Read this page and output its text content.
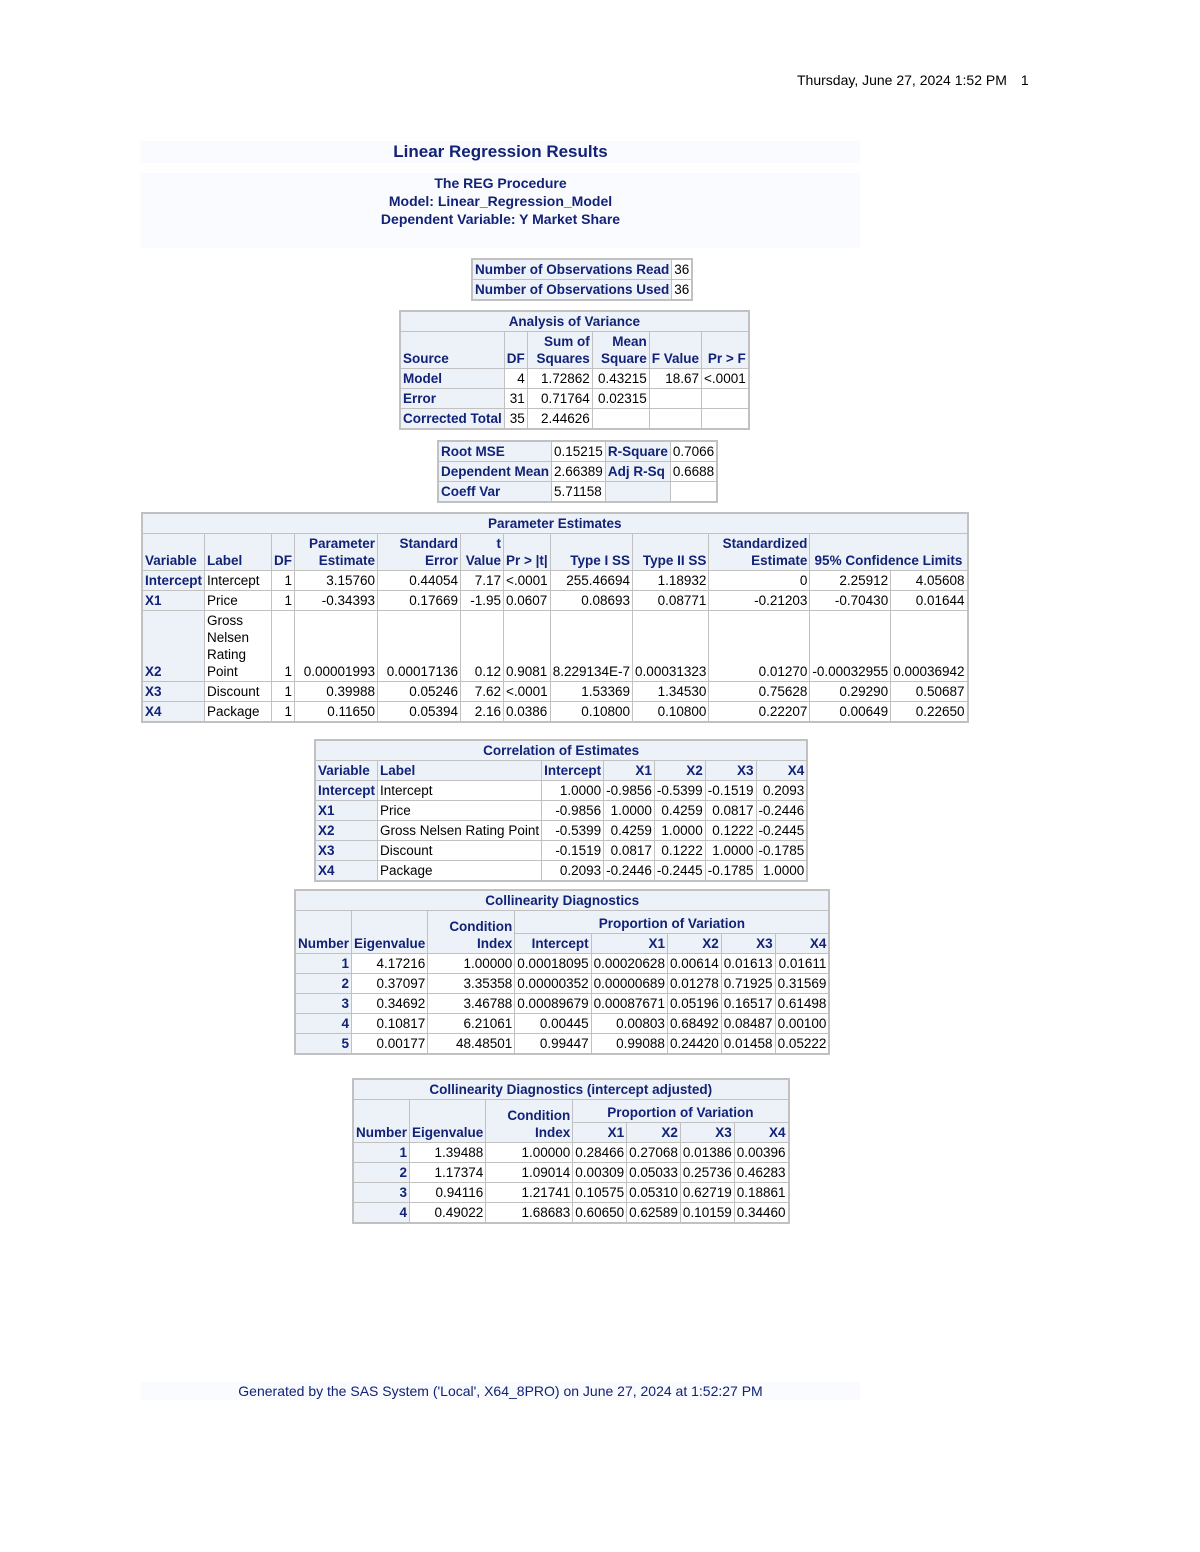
Thursday, June 27, 2024 1:52 PM 1
Linear Regression Results
The REG Procedure
Model: Linear_Regression_Model
Dependent Variable: Y Market Share
Number of Observations Read	36
Number of Observations Used	36
Analysis of Variance					
Source	DF	Sum of Squares	Mean Square	F Value	Pr > F
Model	4	1.72862	0.43215	18.67	<.0001
Error	31	0.71764	0.02315		
Corrected Total	35	2.44626			
Root MSE	0.15215	R-Square	0.7066
Dependent Mean	2.66389	Adj R-Sq	0.6688
Coeff Var	5.71158		
Parameter Estimates											
Variable	Label	DF	Parameter Estimate	Standard Error	t Value	Pr > |t|	Type I SS	Type II SS	Standardized Estimate	95% Confidence Limits	
Intercept	Intercept	1	3.15760	0.44054	7.17	<.0001	255.46694	1.18932	0	2.25912	4.05608
X1	Price	1	-0.34393	0.17669	-1.95	0.0607	0.08693	0.08771	-0.21203	-0.70430	0.01644
X2	Gross Nelsen Rating Point	1	0.00001993	0.00017136	0.12	0.9081	8.229134E-7	0.00031323	0.01270	-0.00032955	0.00036942
X3	Discount	1	0.39988	0.05246	7.62	<.0001	1.53369	1.34530	0.75628	0.29290	0.50687
X4	Package	1	0.11650	0.05394	2.16	0.0386	0.10800	0.10800	0.22207	0.00649	0.22650
Correlation of Estimates						
Variable	Label	Intercept	X1	X2	X3	X4
Intercept	Intercept	1.0000	-0.9856	-0.5399	-0.1519	0.2093
X1	Price	-0.9856	1.0000	0.4259	0.0817	-0.2446
X2	Gross Nelsen Rating Point	-0.5399	0.4259	1.0000	0.1222	-0.2445
X3	Discount	-0.1519	0.0817	0.1222	1.0000	-0.1785
X4	Package	0.2093	-0.2446	-0.2445	-0.1785	1.0000
Collinearity Diagnostics							
Number	Eigenvalue	Condition Index	Proportion of Variation				
			Intercept	X1	X2	X3	X4
1	4.17216	1.00000	0.00018095	0.00020628	0.00614	0.01613	0.01611
2	0.37097	3.35358	0.00000352	0.00000689	0.01278	0.71925	0.31569
3	0.34692	3.46788	0.00089679	0.00087671	0.05196	0.16517	0.61498
4	0.10817	6.21061	0.00445	0.00803	0.68492	0.08487	0.00100
5	0.00177	48.48501	0.99447	0.99088	0.24420	0.01458	0.05222
Collinearity Diagnostics (intercept adjusted)						
Number	Eigenvalue	Condition Index	Proportion of Variation			
			X1	X2	X3	X4
1	1.39488	1.00000	0.28466	0.27068	0.01386	0.00396
2	1.17374	1.09014	0.00309	0.05033	0.25736	0.46283
3	0.94116	1.21741	0.10575	0.05310	0.62719	0.18861
4	0.49022	1.68683	0.60650	0.62589	0.10159	0.34460
Generated by the SAS System ('Local', X64_8PRO) on June 27, 2024 at 1:52:27 PM
